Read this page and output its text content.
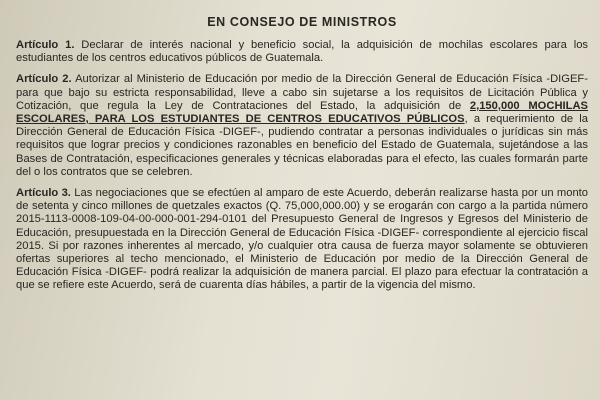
EN CONSEJO DE MINISTROS

Artículo 1. Declarar de interés nacional y beneficio social, la adquisición de mochilas escolares para los estudiantes de los centros educativos públicos de Guatemala.

Artículo 2. Autorizar al Ministerio de Educación por medio de la Dirección General de Educación Física -DIGEF- para que bajo su estricta responsabilidad, lleve a cabo sin sujetarse a los requisitos de Licitación Pública y Cotización, que regula la Ley de Contrataciones del Estado, la adquisición de 2,150,000 MOCHILAS ESCOLARES, PARA LOS ESTUDIANTES DE CENTROS EDUCATIVOS PÚBLICOS, a requerimiento de la Dirección General de Educación Física -DIGEF-, pudiendo contratar a personas individuales o jurídicas sin más requisitos que lograr precios y condiciones razonables en beneficio del Estado de Guatemala, sujetándose a las Bases de Contratación, especificaciones generales y técnicas elaboradas para el efecto, las cuales formarán parte del o los contratos que se celebren.

Artículo 3. Las negociaciones que se efectúen al amparo de este Acuerdo, deberán realizarse hasta por un monto de setenta y cinco millones de quetzales exactos (Q. 75,000,000.00) y se erogarán con cargo a la partida número 2015-1113-0008-109-04-00-000-001-294-0101 del Presupuesto General de Ingresos y Egresos del Ministerio de Educación, presupuestada en la Dirección General de Educación Física -DIGEF- correspondiente al ejercicio fiscal 2015. Si por razones inherentes al mercado, y/o cualquier otra causa de fuerza mayor solamente se obtuvieren ofertas superiores al techo mencionado, el Ministerio de Educación por medio de la Dirección General de Educación Física -DIGEF- podrá realizar la adquisición de manera parcial. El plazo para efectuar la contratación a que se refiere este Acuerdo, será de cuarenta días hábiles, a partir de la vigencia del mismo.
